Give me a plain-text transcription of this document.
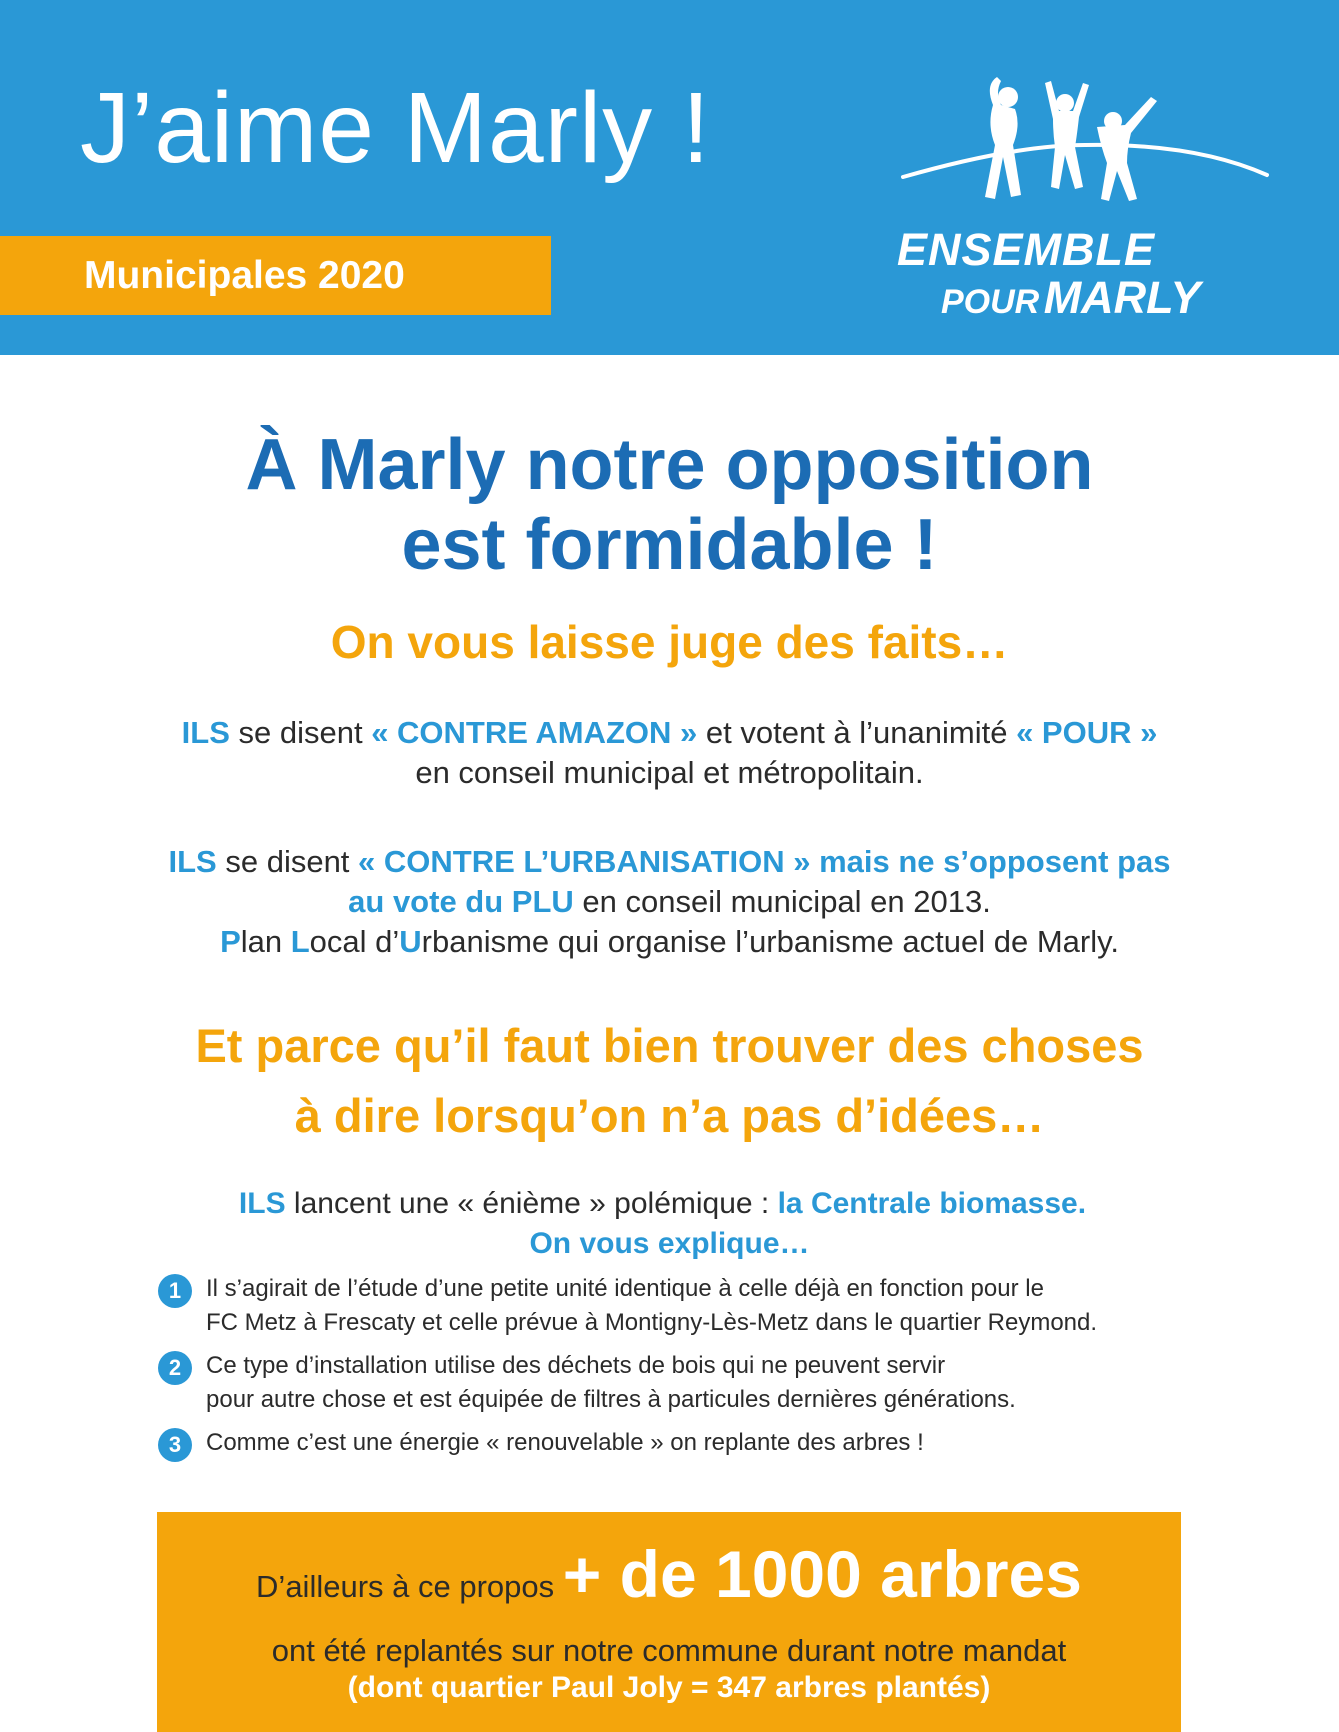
J’aime Marly !
Municipales 2020
ENSEMBLE
POUR MARLY
À Marly notre opposition
est formidable !
On vous laisse juge des faits…
ILS se disent « CONTRE AMAZON » et votent à l’unanimité « POUR »
en conseil municipal et métropolitain.
ILS se disent « CONTRE L’URBANISATION » mais ne s’opposent pas
au vote du PLU en conseil municipal en 2013.
Plan Local d’Urbanisme qui organise l’urbanisme actuel de Marly.
Et parce qu’il faut bien trouver des choses
à dire lorsqu’on n’a pas d’idées…
ILS lancent une « énième » polémique : la Centrale biomasse.
On vous explique…
1	Il s’agirait de l’étude d’une petite unité identique à celle déjà en fonction pour le
FC Metz à Frescaty et celle prévue à Montigny-Lès-Metz dans le quartier Reymond.
2	Ce type d’installation utilise des déchets de bois qui ne peuvent servir
pour autre chose et est équipée de filtres à particules dernières générations.
3	Comme c’est une énergie « renouvelable » on replante des arbres !
D’ailleurs à ce propos + de 1000 arbres
ont été replantés sur notre commune durant notre mandat
(dont quartier Paul Joly = 347 arbres plantés)
